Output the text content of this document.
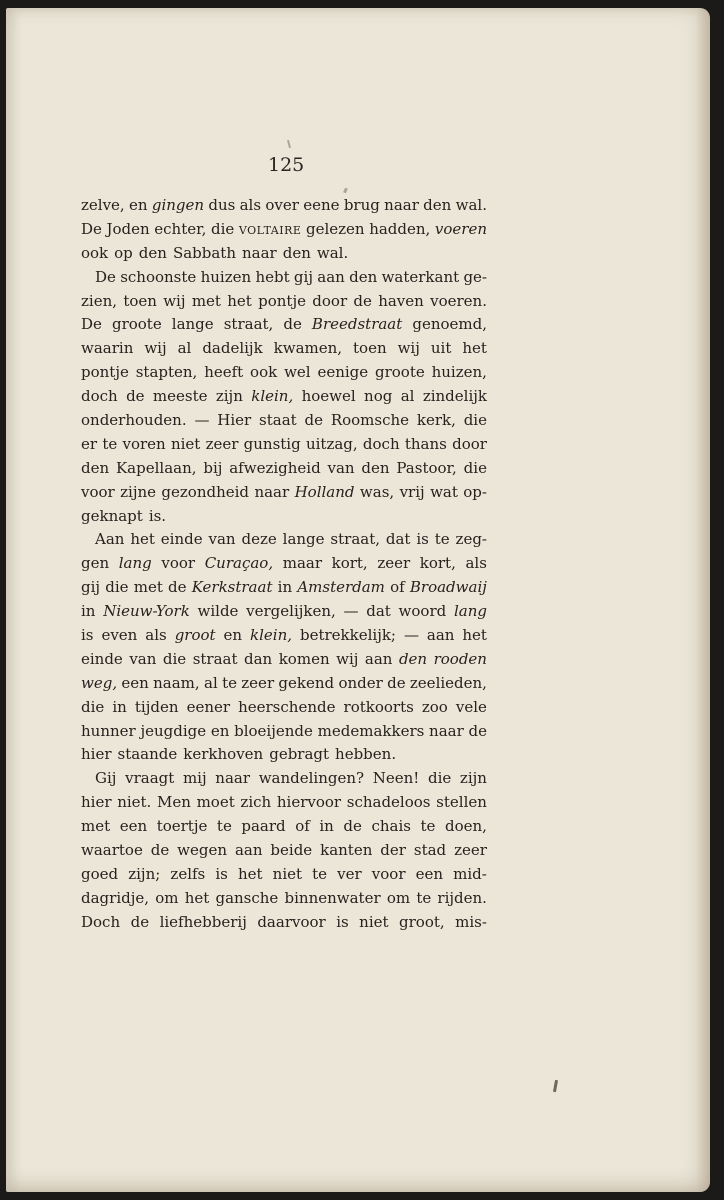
125
zelve, en gingen dus als over eene brug naar den wal.
De Joden echter, die voltaire gelezen hadden, voeren
ook op den Sabbath naar den wal.
De schoonste huizen hebt gij aan den waterkant ge-
zien, toen wij met het pontje door de haven voeren.
De groote lange straat, de Breedstraat genoemd,
waarin wij al dadelijk kwamen, toen wij uit het
pontje stapten, heeft ook wel eenige groote huizen,
doch de meeste zijn klein, hoewel nog al zindelijk
onderhouden. — Hier staat de Roomsche kerk, die
er te voren niet zeer gunstig uitzag, doch thans door
den Kapellaan, bij afwezigheid van den Pastoor, die
voor zijne gezondheid naar Holland was, vrij wat op-
geknapt is.
Aan het einde van deze lange straat, dat is te zeg-
gen lang voor Curaçao, maar kort, zeer kort, als
gij die met de Kerkstraat in Amsterdam of Broadwaij
in Nieuw-York wilde vergelijken, — dat woord lang
is even als groot en klein, betrekkelijk; — aan het
einde van die straat dan komen wij aan den rooden
weg, een naam, al te zeer gekend onder de zeelieden,
die in tijden eener heerschende rotkoorts zoo vele
hunner jeugdige en bloeijende medemakkers naar de
hier staande kerkhoven gebragt hebben.
Gij vraagt mij naar wandelingen? Neen! die zijn
hier niet. Men moet zich hiervoor schadeloos stellen
met een toertje te paard of in de chais te doen,
waartoe de wegen aan beide kanten der stad zeer
goed zijn; zelfs is het niet te ver voor een mid-
dagridje, om het gansche binnenwater om te rijden.
Doch de liefhebberij daarvoor is niet groot, mis-
